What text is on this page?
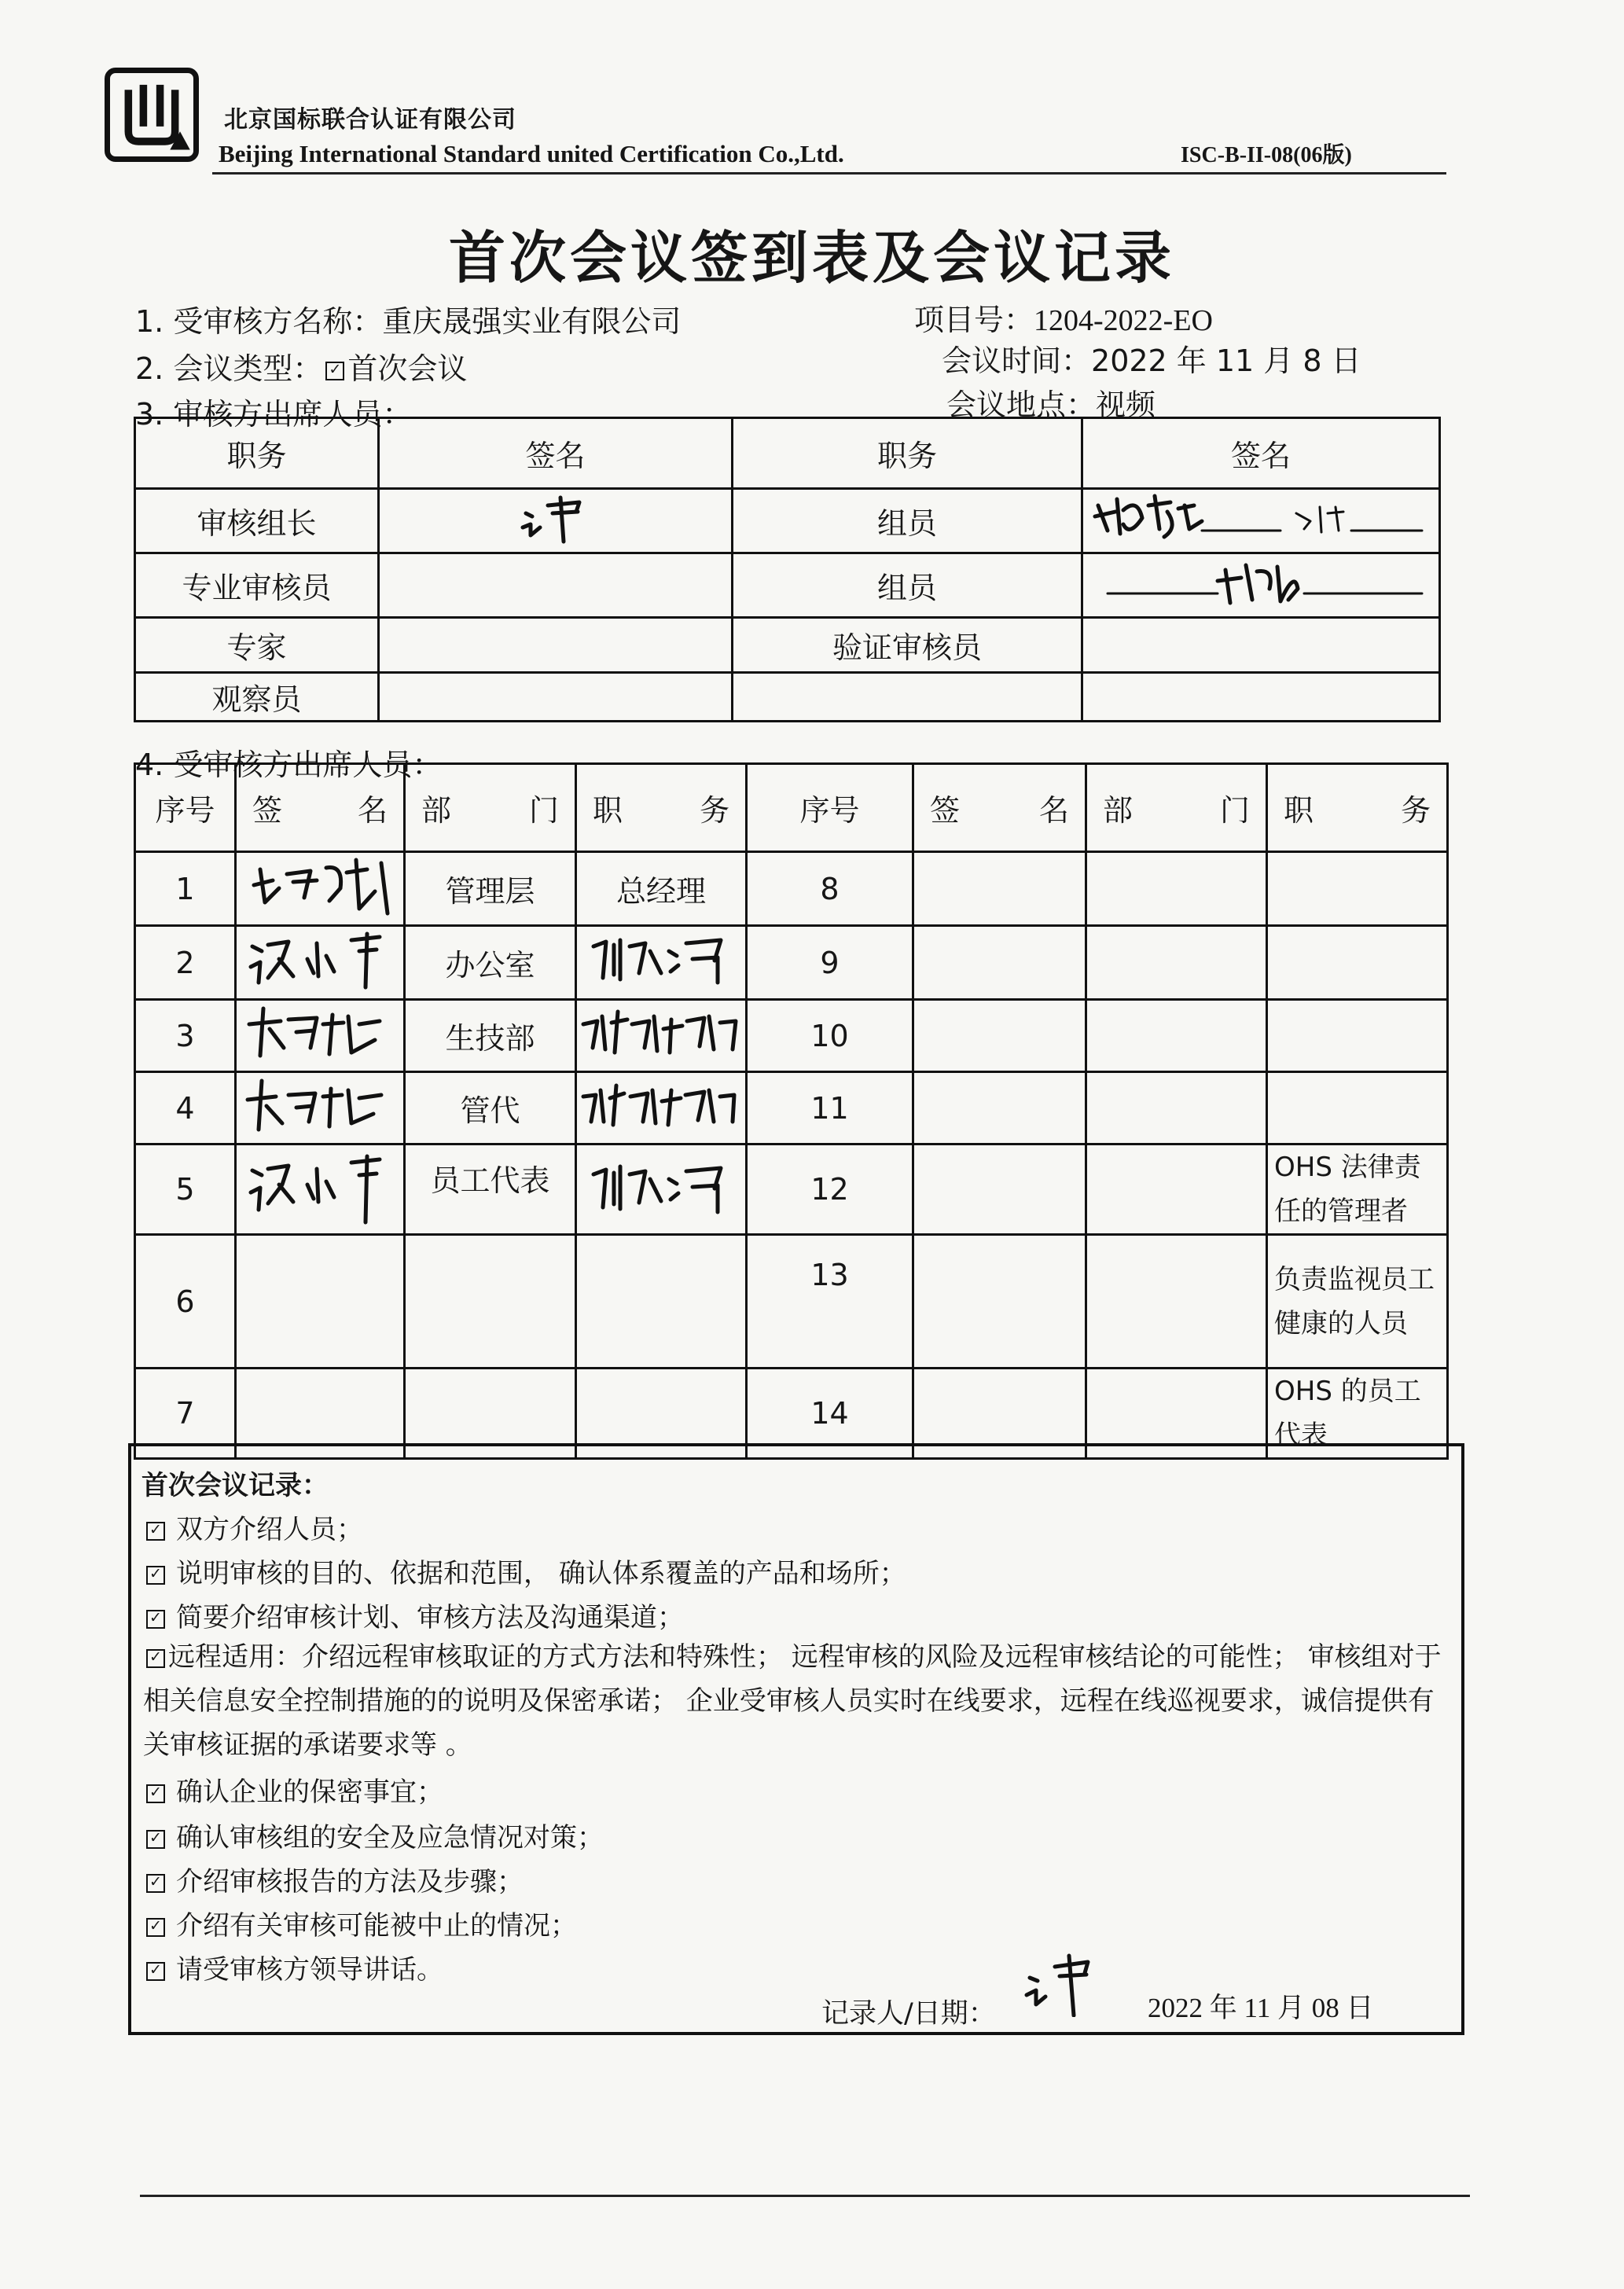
北京国标联合认证有限公司
Beijing International Standard united Certification Co.,Ltd.	ISC-B-II-08(06版)
首次会议签到表及会议记录
1. 受审核方名称：重庆晟强实业有限公司	项目号：1204-2022-EO
2. 会议类型： ✓ 首次会议	会议时间：2022 年 11 月 8 日
3. 审核方出席人员：	会议地点：视频
职务	签名	职务	签名
审核组长		组员	
专业审核员		组员	
专家		验证审核员	
观察员			
4. 受审核方出席人员：
序号	签 名	部 门	职 务	序号	签 名	部 门	职 务

1		管理层	总经理	8			
2		办公室		9			
3		生技部		10			
4		管代		11			
5		员工代表		12			OHS 法律责任的管理者
6				13			负责监视员工健康的人员
7				14			OHS 的员工代表
首次会议记录：
✓双方介绍人员；
✓说明审核的目的、依据和范围， 确认体系覆盖的产品和场所；
✓简要介绍审核计划、审核方法及沟通渠道；
✓远程适用：介绍远程审核取证的方式方法和特殊性； 远程审核的风险及远程审核结论的可能性； 审核组对于相关信息安全控制措施的的说明及保密承诺； 企业受审核人员实时在线要求，远程在线巡视要求，诚信提供有关审核证据的承诺要求等 。
✓确认企业的保密事宜；
✓确认审核组的安全及应急情况对策；
✓介绍审核报告的方法及步骤；
✓介绍有关审核可能被中止的情况；
✓请受审核方领导讲话。
记录人/日期：	2022 年 11 月 08 日
